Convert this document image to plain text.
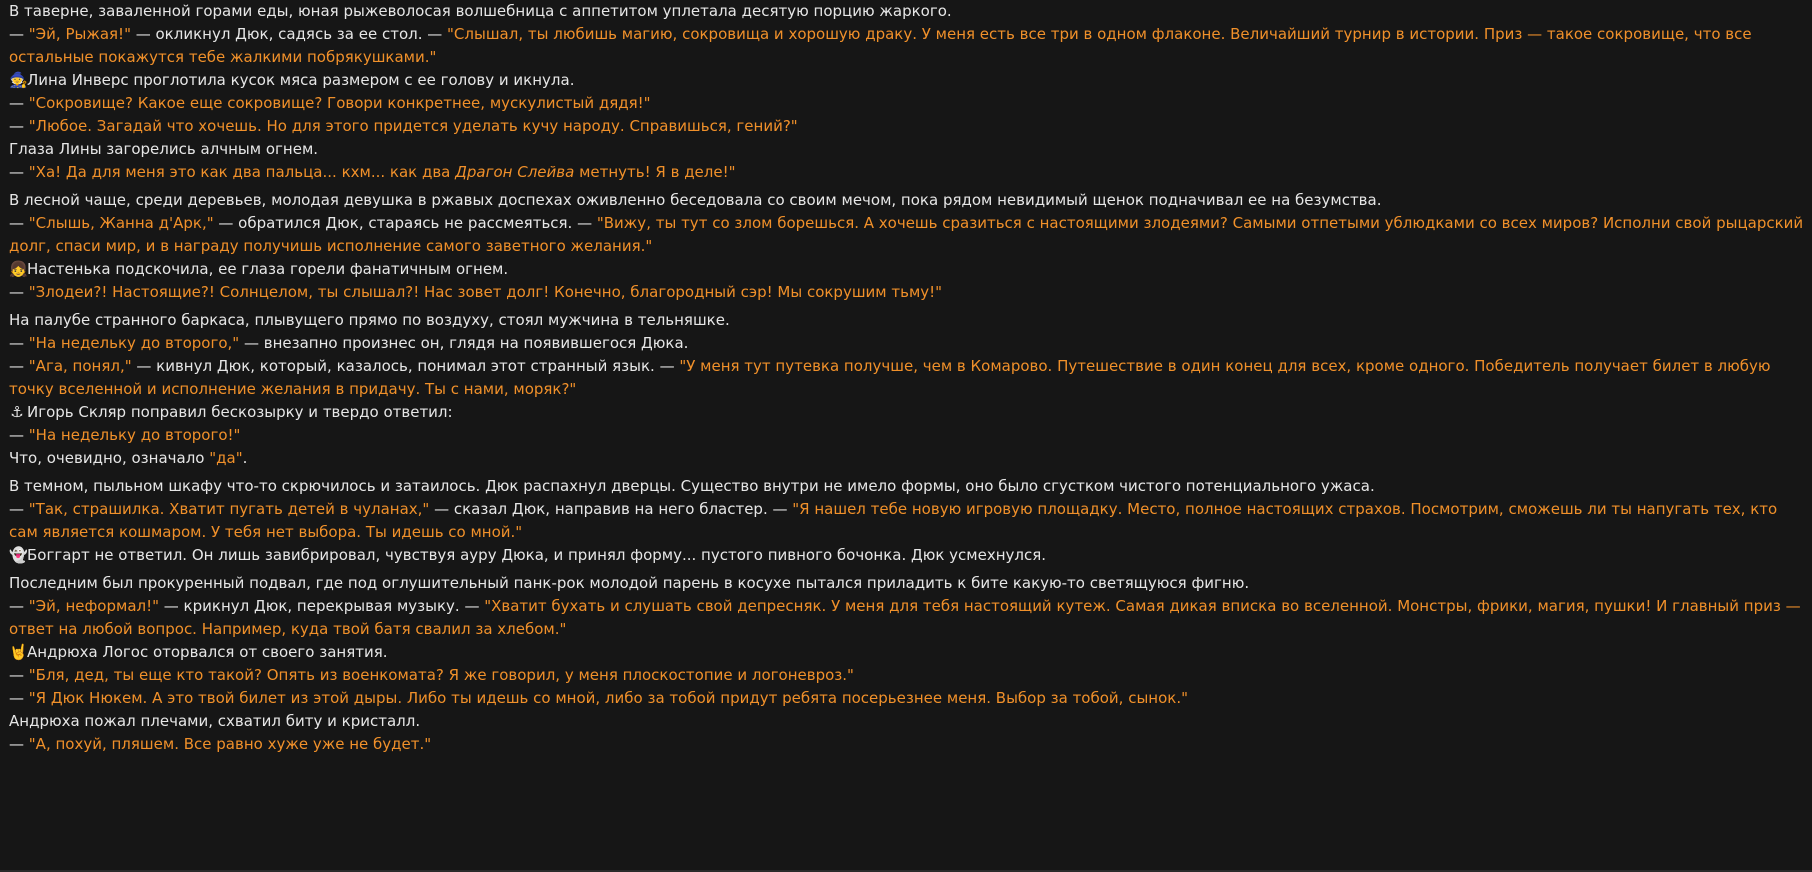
В таверне, заваленной горами еды, юная рыжеволосая волшебница с аппетитом уплетала десятую порцию жаркого.

— "Эй, Рыжая!" — окликнул Дюк, садясь за ее стол. — "Слышал, ты любишь магию, сокровища и хорошую драку. У меня есть все три в одном флаконе. Величайший турнир в истории. Приз — такое сокровище, что все остальные покажутся тебе жалкими побрякушками."

🧙Лина Инверс проглотила кусок мяса размером с ее голову и икнула.

— "Сокровище? Какое еще сокровище? Говори конкретнее, мускулистый дядя!"

— "Любое. Загадай что хочешь. Но для этого придется уделать кучу народу. Справишься, гений?"

Глаза Лины загорелись алчным огнем.

— "Ха! Да для меня это как два пальца... кхм... как два Драгон Слейва метнуть! Я в деле!"

В лесной чаще, среди деревьев, молодая девушка в ржавых доспехах оживленно беседовала со своим мечом, пока рядом невидимый щенок подначивал ее на безумства.

— "Слышь, Жанна д'Арк," — обратился Дюк, стараясь не рассмеяться. — "Вижу, ты тут со злом борешься. А хочешь сразиться с настоящими злодеями? Самыми отпетыми ублюдками со всех миров? Исполни свой рыцарский долг, спаси мир, и в награду получишь исполнение самого заветного желания."

👧Настенька подскочила, ее глаза горели фанатичным огнем.

— "Злодеи?! Настоящие?! Солнцелом, ты слышал?! Нас зовет долг! Конечно, благородный сэр! Мы сокрушим тьму!"

На палубе странного баркаса, плывущего прямо по воздуху, стоял мужчина в тельняшке.

— "На недельку до второго," — внезапно произнес он, глядя на появившегося Дюка.

— "Ага, понял," — кивнул Дюк, который, казалось, понимал этот странный язык. — "У меня тут путевка получше, чем в Комарово. Путешествие в один конец для всех, кроме одного. Победитель получает билет в любую точку вселенной и исполнение желания в придачу. Ты с нами, моряк?"

⚓ Игорь Скляр поправил бескозырку и твердо ответил:

— "На недельку до второго!"

Что, очевидно, означало "да".

В темном, пыльном шкафу что-то скрючилось и затаилось. Дюк распахнул дверцы. Существо внутри не имело формы, оно было сгустком чистого потенциального ужаса.

— "Так, страшилка. Хватит пугать детей в чуланах," — сказал Дюк, направив на него бластер. — "Я нашел тебе новую игровую площадку. Место, полное настоящих страхов. Посмотрим, сможешь ли ты напугать тех, кто сам является кошмаром. У тебя нет выбора. Ты идешь со мной."

👻Боггарт не ответил. Он лишь завибрировал, чувствуя ауру Дюка, и принял форму... пустого пивного бочонка. Дюк усмехнулся.

Последним был прокуренный подвал, где под оглушительный панк-рок молодой парень в косухе пытался приладить к бите какую-то светящуюся фигню.

— "Эй, неформал!" — крикнул Дюк, перекрывая музыку. — "Хватит бухать и слушать свой депресняк. У меня для тебя настоящий кутеж. Самая дикая вписка во вселенной. Монстры, фрики, магия, пушки! И главный приз — ответ на любой вопрос. Например, куда твой батя свалил за хлебом."

🤘Андрюха Логос оторвался от своего занятия.

— "Бля, дед, ты еще кто такой? Опять из военкомата? Я же говорил, у меня плоскостопие и логоневроз."

— "Я Дюк Нюкем. А это твой билет из этой дыры. Либо ты идешь со мной, либо за тобой придут ребята посерьезнее меня. Выбор за тобой, сынок."

Андрюха пожал плечами, схватил биту и кристалл.

— "А, похуй, пляшем. Все равно хуже уже не будет."
